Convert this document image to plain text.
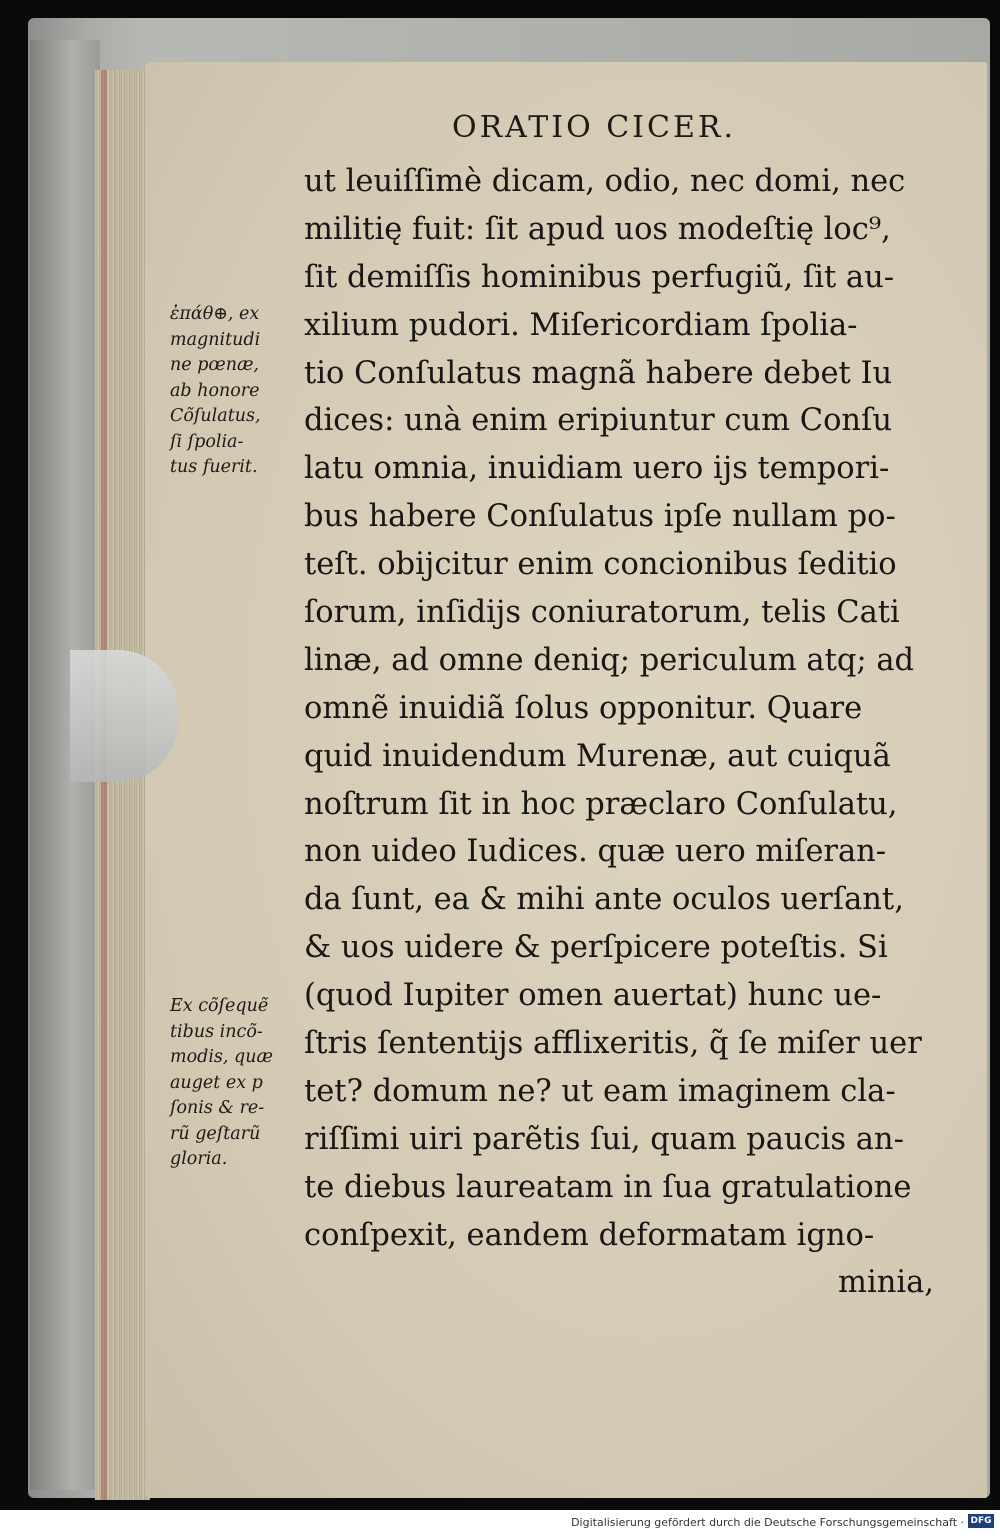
ORATIO CICER.
ut leuiſſimè dicam, odio, nec domi, nec
militię fuit: ſit apud uos modeſtię loc⁹,
ſit demiſſis hominibus perfugiũ, ſit au‑
xilium pudori. Miſericordiam ſpolia‑
tio Conſulatus magnã habere debet Iu
dices: unà enim eripiuntur cum Conſu
latu omnia, inuidiam uero ijs tempori‑
bus habere Conſulatus ipſe nullam po‑
teſt. obijcitur enim concionibus ſeditio
ſorum, inſidijs coniuratorum, telis Cati
linæ, ad omne deniq; periculum atq; ad
omnẽ inuidiã ſolus opponitur. Quare
quid inuidendum Murenæ, aut cuiquã
noſtrum ſit in hoc præclaro Conſulatu,
non uideo Iudices. quæ uero miſeran‑
da ſunt, ea & mihi ante oculos uerſant,
& uos uidere & perſpicere poteſtis. Si
(quod Iupiter omen auertat) hunc ue‑
ſtris ſententijs afflixeritis, q̃ ſe miſer uer
tet? domum ne? ut eam imaginem cla‑
riſſimi uiri parẽtis ſui, quam paucis an‑
te diebus laureatam in ſua gratulatione
conſpexit, eandem deformatam igno‑
minia,
ἐπάθ⊕, ex
magnitudi
ne pœnæ,
ab honore
Cõſulatus,
ſi ſpolia‑
tus fuerit.
Ex cõſequẽ
tibus incõ‑
modis, quæ
auget ex p
ſonis & re‑
rũ geſtarũ
gloria.
Digitalisierung gefördert durch die Deutsche Forschungsgemeinschaft · DFG
